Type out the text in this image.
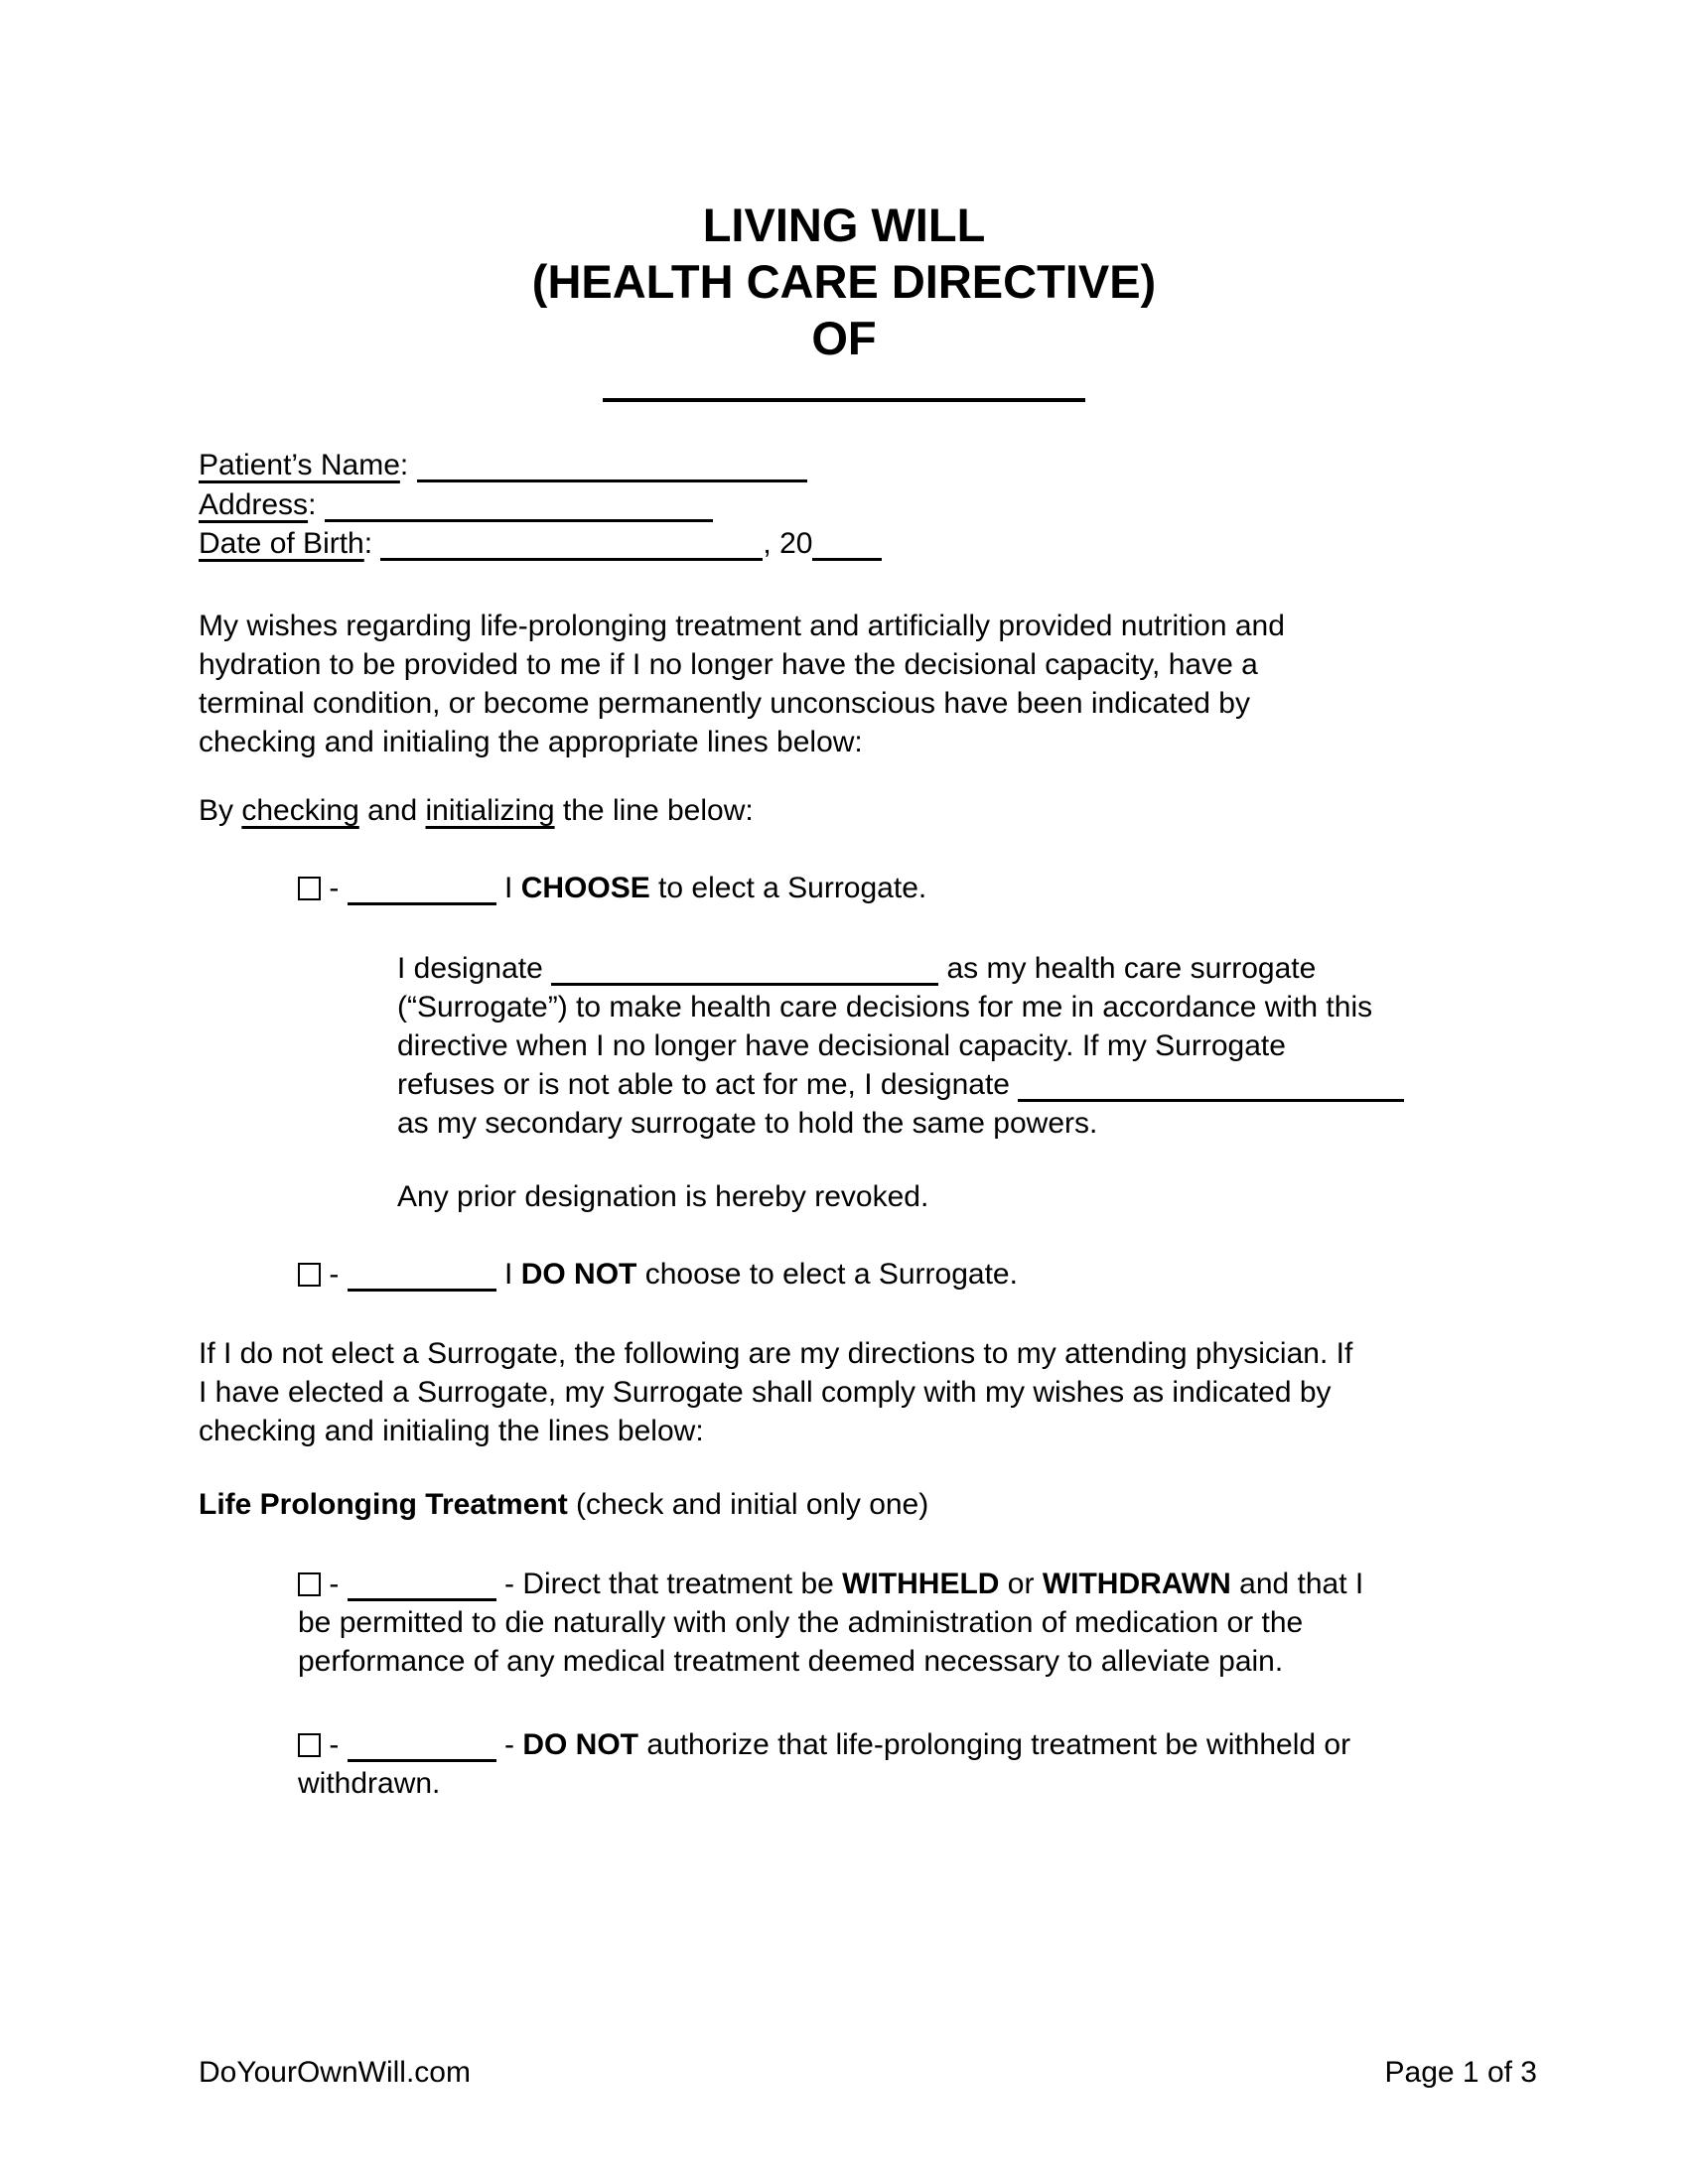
LIVING WILL
(HEALTH CARE DIRECTIVE)
OF
Patient’s Name:
Address:
Date of Birth:	, 20
My wishes regarding life-prolonging treatment and artificially provided nutrition and
hydration to be provided to me if I no longer have the decisional capacity, have a
terminal condition, or become permanently unconscious have been indicated by
checking and initialing the appropriate lines below:
By checking and initializing the line below:
-	I CHOOSE to elect a Surrogate.
I designate	as my health care surrogate
(“Surrogate”) to make health care decisions for me in accordance with this
directive when I no longer have decisional capacity. If my Surrogate
refuses or is not able to act for me, I designate
as my secondary surrogate to hold the same powers.
Any prior designation is hereby revoked.
-	I DO NOT choose to elect a Surrogate.
If I do not elect a Surrogate, the following are my directions to my attending physician. If
I have elected a Surrogate, my Surrogate shall comply with my wishes as indicated by
checking and initialing the lines below:
Life Prolonging Treatment (check and initial only one)
-	- Direct that treatment be WITHHELD or WITHDRAWN and that I
be permitted to die naturally with only the administration of medication or the
performance of any medical treatment deemed necessary to alleviate pain.
-	- DO NOT authorize that life-prolonging treatment be withheld or
withdrawn.
DoYourOwnWill.com	Page 1 of 3
